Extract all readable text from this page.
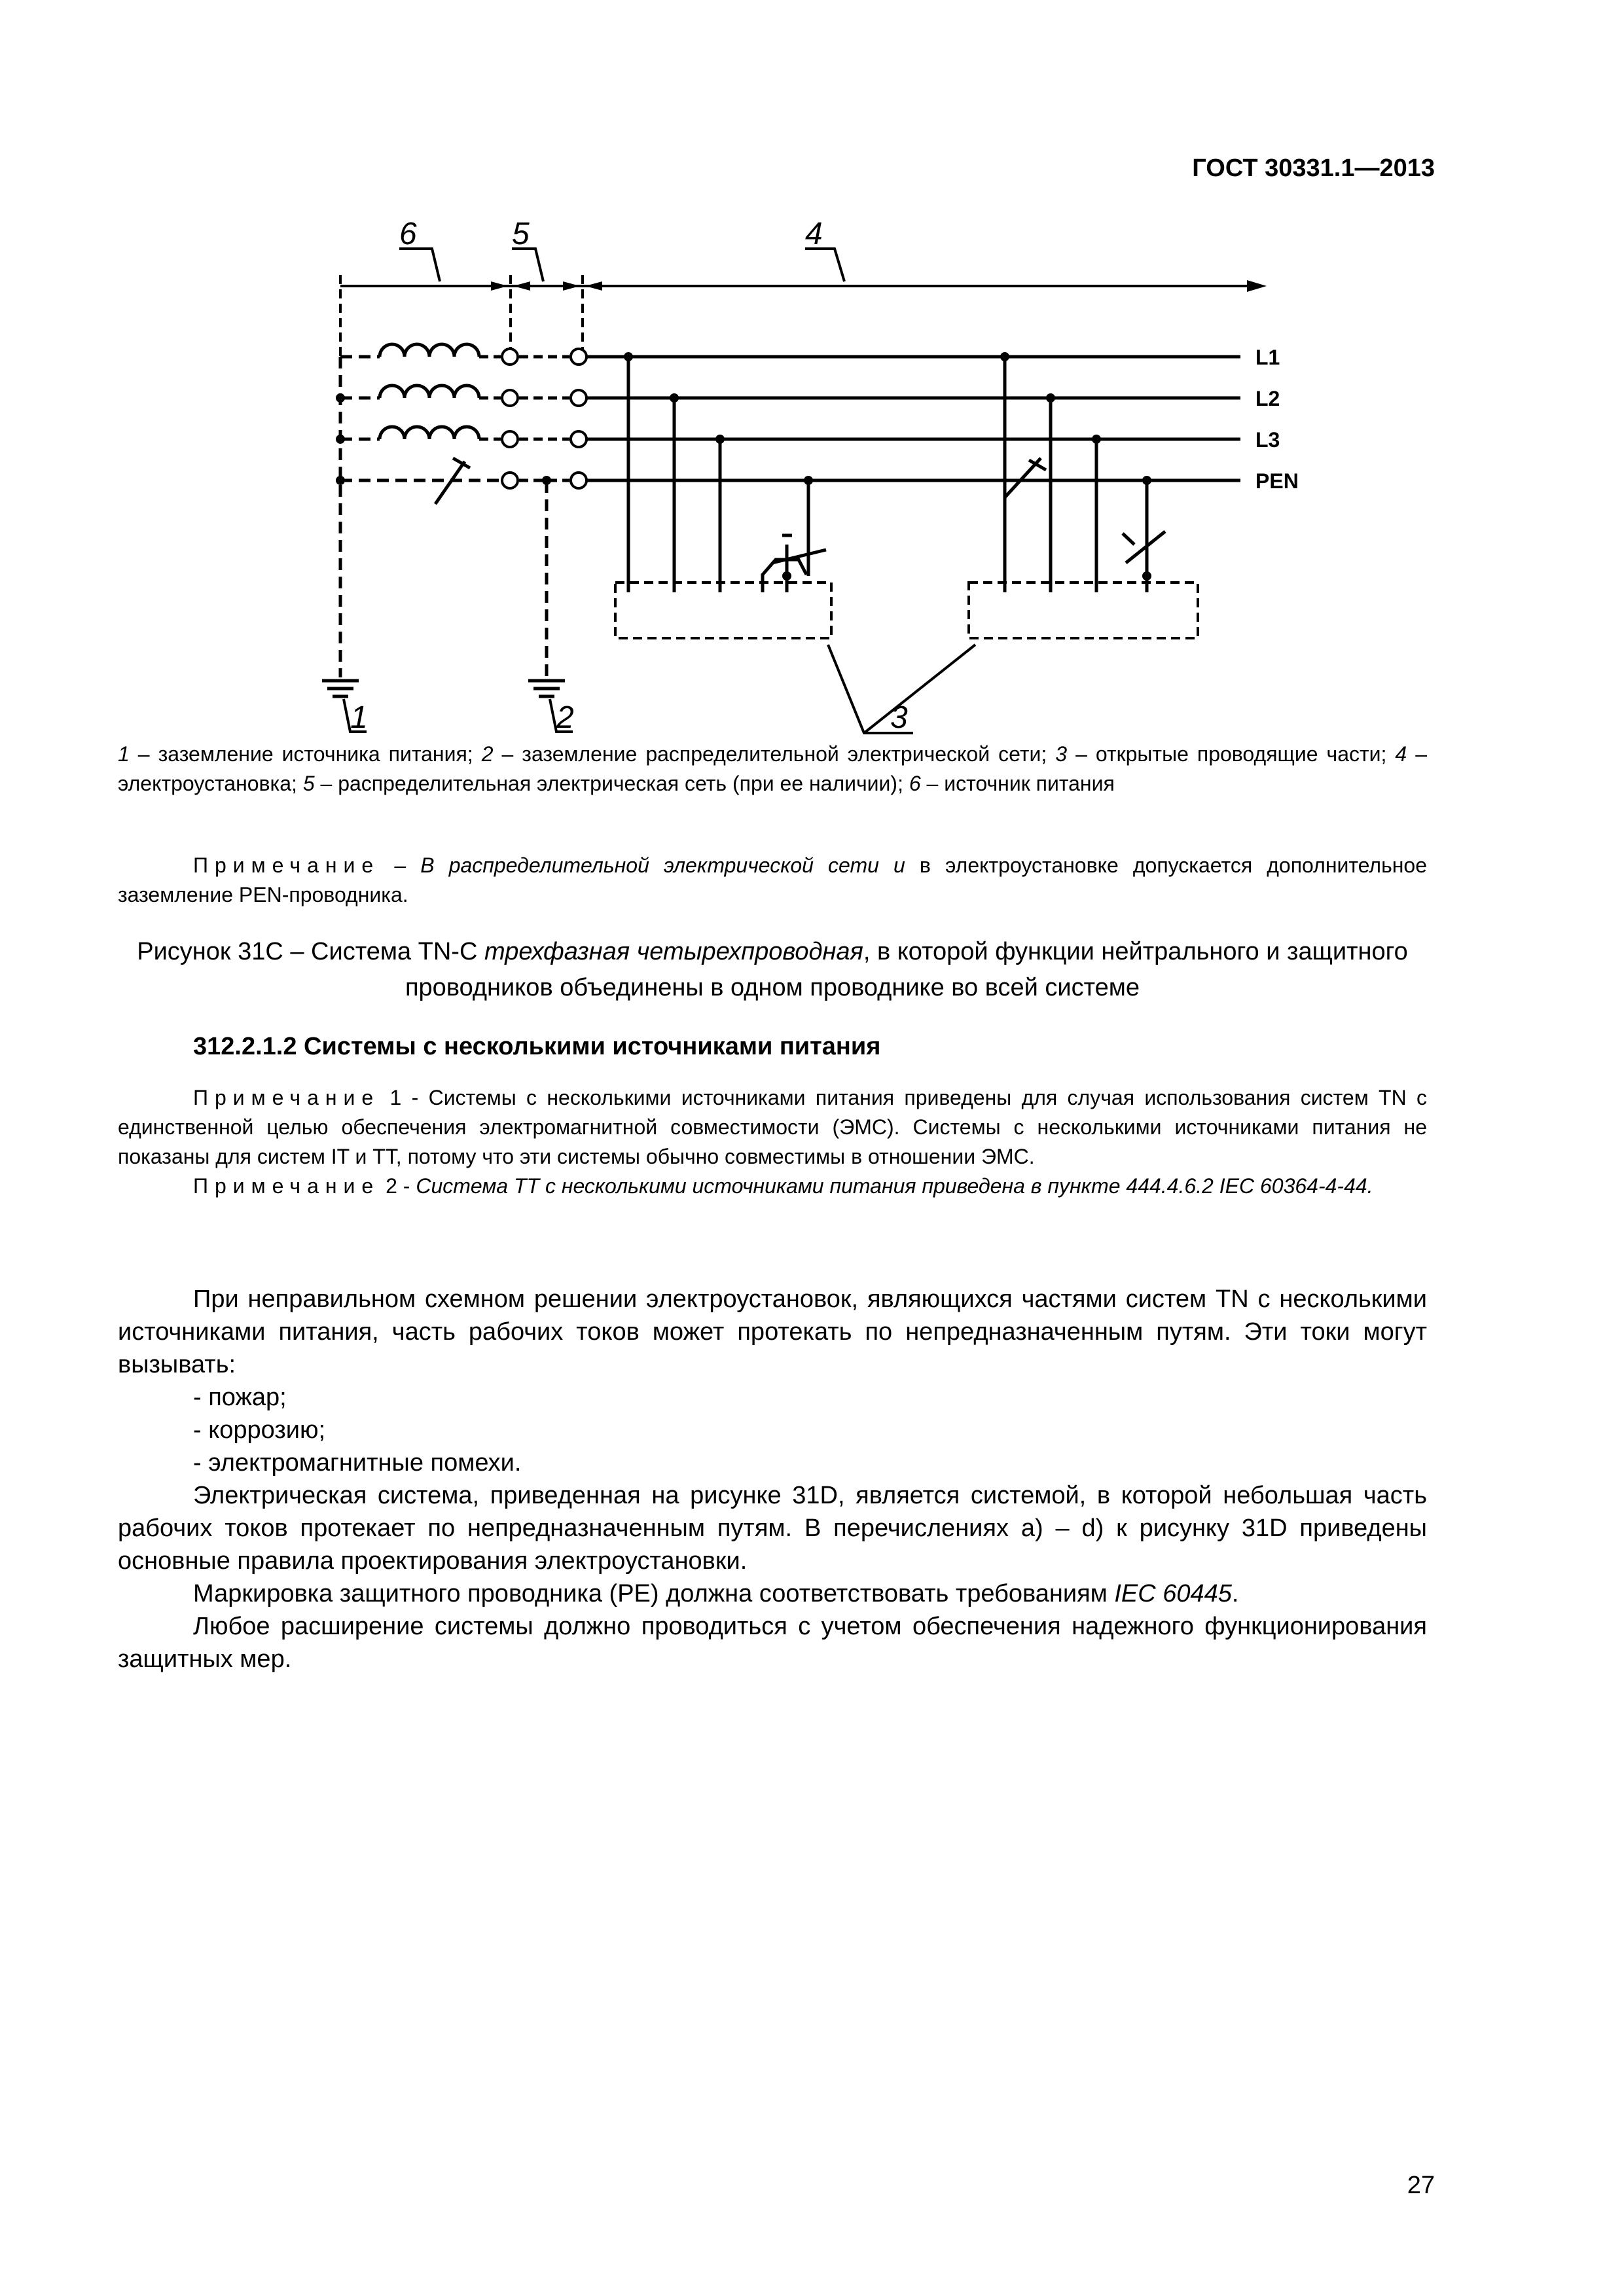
ГОСТ 30331.1—2013
6	5	4
1	2	3
L1
L2
L3
PEN
1 – заземление источника питания; 2 – заземление распределительной электрической сети; 3 – открытые проводящие части; 4 – электроустановка; 5 – распределительная электрическая сеть (при ее наличии); 6 – источник питания
Примечание – В распределительной электрической сети и в электроустановке допускается дополнительное заземление PEN-проводника.
Рисунок 31C – Система TN-C трехфазная четырехпроводная, в которой функции нейтрального и защитного проводников объединены в одном проводнике во всей системе
312.2.1.2 Системы с несколькими источниками питания

Примечание 1 - Системы с несколькими источниками питания приведены для случая использования систем TN с единственной целью обеспечения электромагнитной совместимости (ЭМС). Системы с несколькими источниками питания не показаны для систем IT и TT, потому что эти системы обычно совместимы в отношении ЭМС.

Примечание 2 - Система TT с несколькими источниками питания приведена в пункте 444.4.6.2 IEC 60364-4-44.

При неправильном схемном решении электроустановок, являющихся частями систем TN с несколькими источниками питания, часть рабочих токов может протекать по непредназначенным путям. Эти токи могут вызывать:

- пожар;

- коррозию;

- электромагнитные помехи.

Электрическая система, приведенная на рисунке 31D, является системой, в которой небольшая часть рабочих токов протекает по непредназначенным путям. В перечислениях a) – d) к рисунку 31D приведены основные правила проектирования электроустановки.

Маркировка защитного проводника (PE) должна соответствовать требованиям IEC 60445.

Любое расширение системы должно проводиться с учетом обеспечения надежного функционирования защитных мер.

27
